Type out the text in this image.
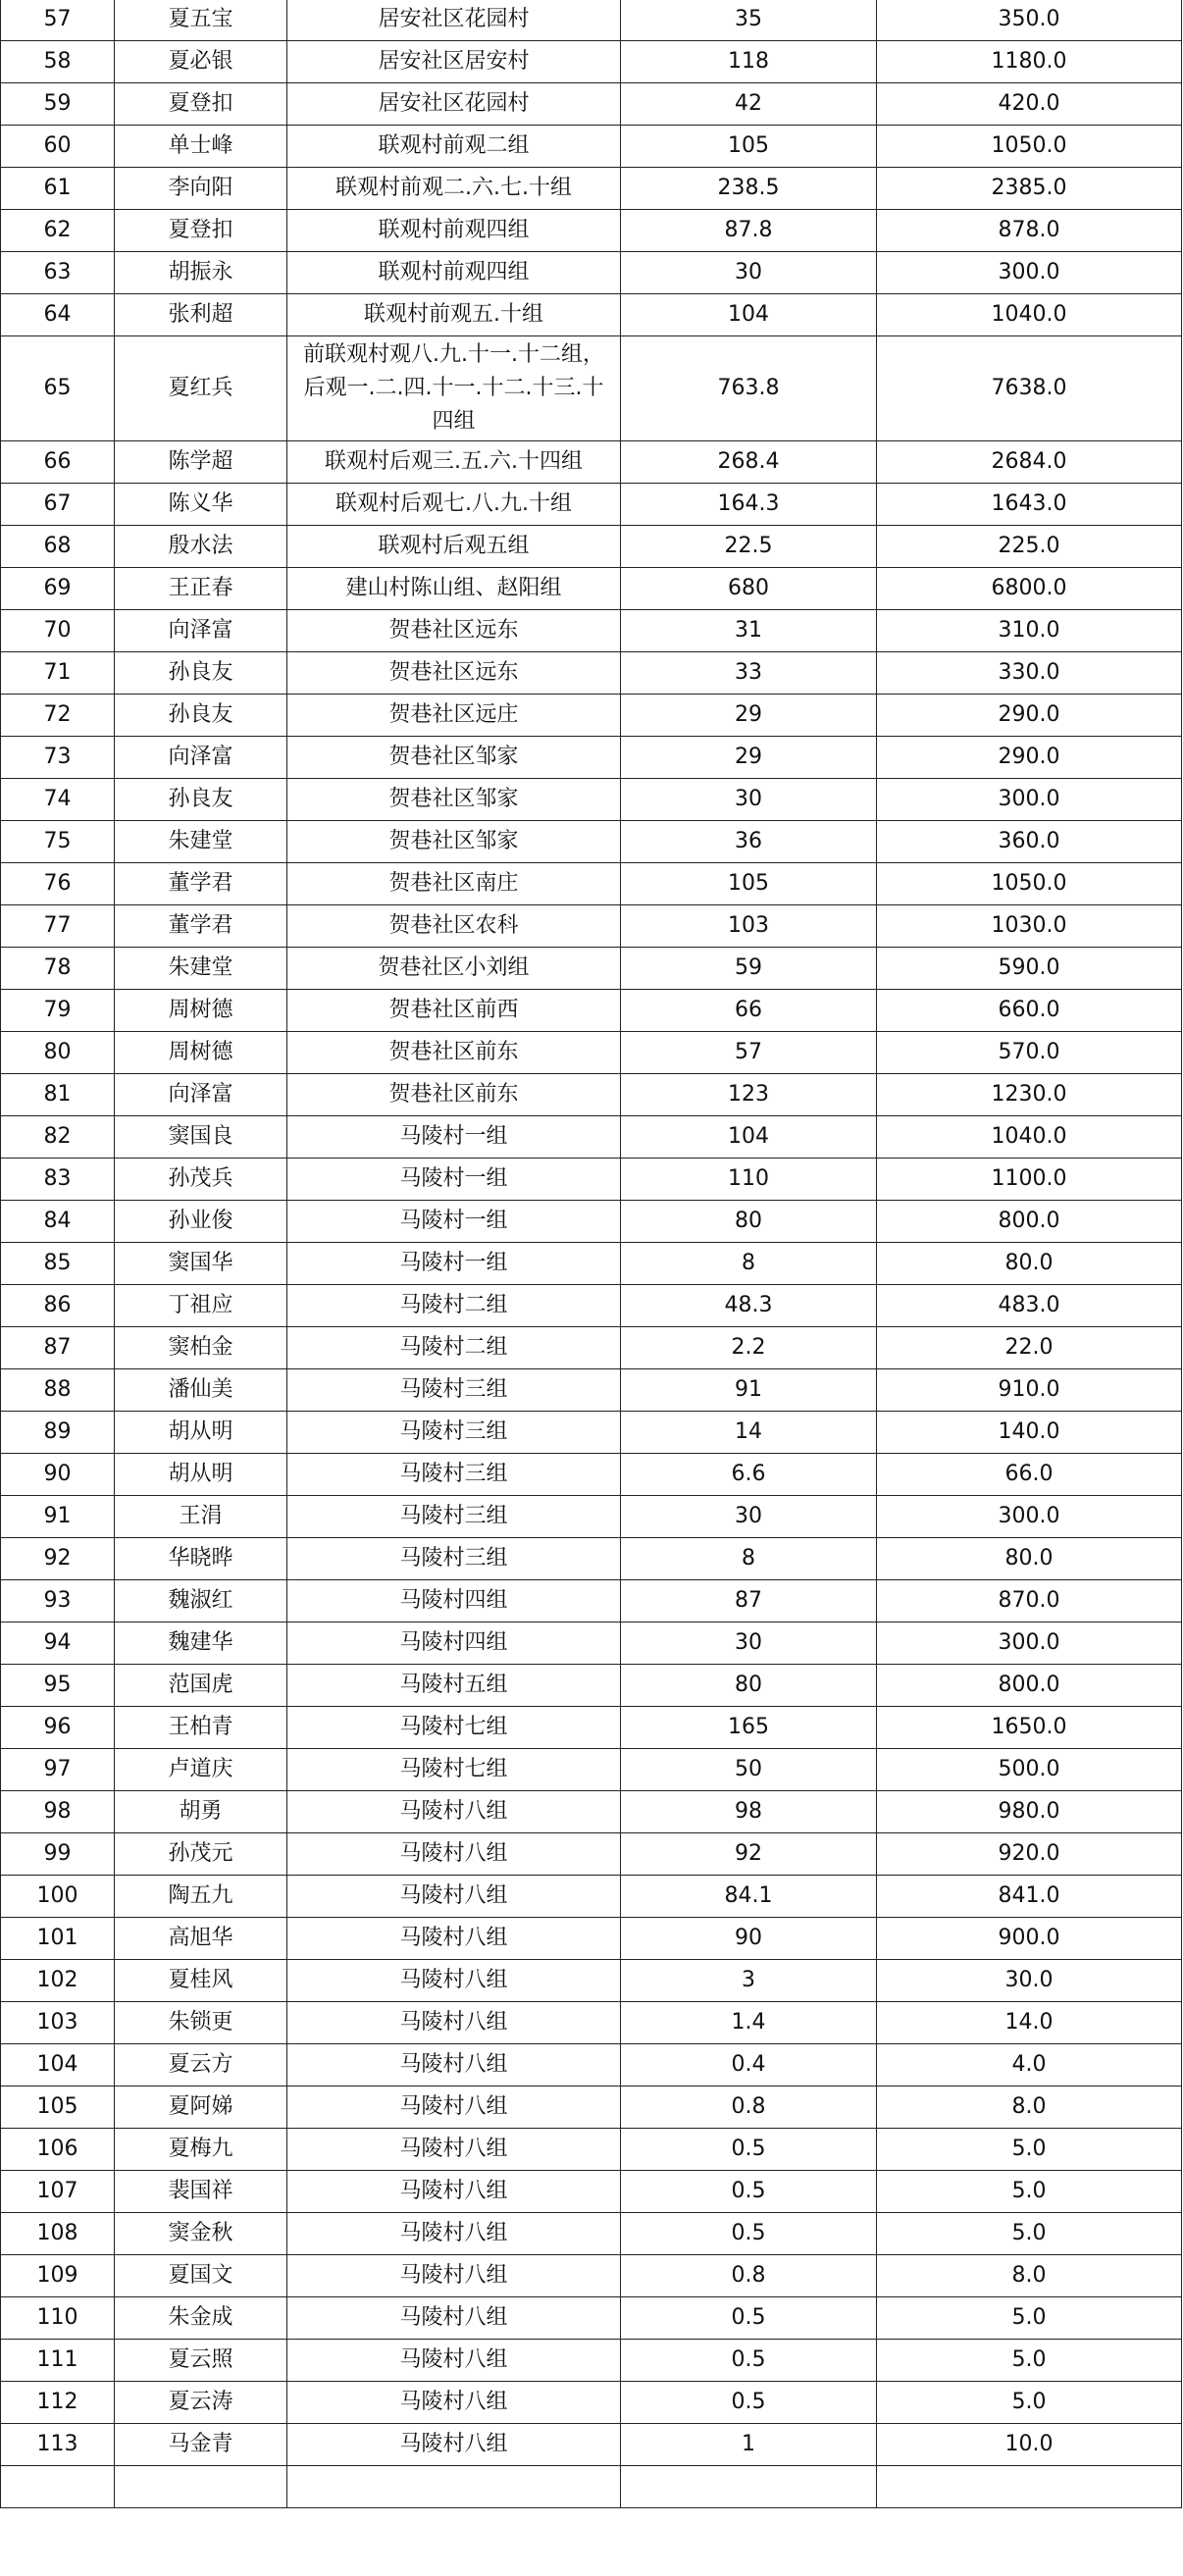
57	夏五宝	居安社区花园村	35	350.0
58	夏必银	居安社区居安村	118	1180.0
59	夏登扣	居安社区花园村	42	420.0
60	单士峰	联观村前观二组	105	1050.0
61	李向阳	联观村前观二.六.七.十组	238.5	2385.0
62	夏登扣	联观村前观四组	87.8	878.0
63	胡振永	联观村前观四组	30	300.0
64	张利超	联观村前观五.十组	104	1040.0
65	夏红兵	前联观村观八.九.十一.十二组， 后观一.二.四.十一.十二.十三.十四组	763.8	7638.0
66	陈学超	联观村后观三.五.六.十四组	268.4	2684.0
67	陈义华	联观村后观七.八.九.十组	164.3	1643.0
68	殷水法	联观村后观五组	22.5	225.0
69	王正春	建山村陈山组、赵阳组	680	6800.0
70	向泽富	贺巷社区远东	31	310.0
71	孙良友	贺巷社区远东	33	330.0
72	孙良友	贺巷社区远庄	29	290.0
73	向泽富	贺巷社区邹家	29	290.0
74	孙良友	贺巷社区邹家	30	300.0
75	朱建堂	贺巷社区邹家	36	360.0
76	董学君	贺巷社区南庄	105	1050.0
77	董学君	贺巷社区农科	103	1030.0
78	朱建堂	贺巷社区小刘组	59	590.0
79	周树德	贺巷社区前西	66	660.0
80	周树德	贺巷社区前东	57	570.0
81	向泽富	贺巷社区前东	123	1230.0
82	窦国良	马陵村一组	104	1040.0
83	孙茂兵	马陵村一组	110	1100.0
84	孙业俊	马陵村一组	80	800.0
85	窦国华	马陵村一组	8	80.0
86	丁祖应	马陵村二组	48.3	483.0
87	窦柏金	马陵村二组	2.2	22.0
88	潘仙美	马陵村三组	91	910.0
89	胡从明	马陵村三组	14	140.0
90	胡从明	马陵村三组	6.6	66.0
91	王涓	马陵村三组	30	300.0
92	华晓晔	马陵村三组	8	80.0
93	魏淑红	马陵村四组	87	870.0
94	魏建华	马陵村四组	30	300.0
95	范国虎	马陵村五组	80	800.0
96	王柏青	马陵村七组	165	1650.0
97	卢道庆	马陵村七组	50	500.0
98	胡勇	马陵村八组	98	980.0
99	孙茂元	马陵村八组	92	920.0
100	陶五九	马陵村八组	84.1	841.0
101	高旭华	马陵村八组	90	900.0
102	夏桂风	马陵村八组	3	30.0
103	朱锁更	马陵村八组	1.4	14.0
104	夏云方	马陵村八组	0.4	4.0
105	夏阿娣	马陵村八组	0.8	8.0
106	夏梅九	马陵村八组	0.5	5.0
107	裴国祥	马陵村八组	0.5	5.0
108	窦金秋	马陵村八组	0.5	5.0
109	夏国文	马陵村八组	0.8	8.0
110	朱金成	马陵村八组	0.5	5.0
111	夏云照	马陵村八组	0.5	5.0
112	夏云涛	马陵村八组	0.5	5.0
113	马金青	马陵村八组	1	10.0
